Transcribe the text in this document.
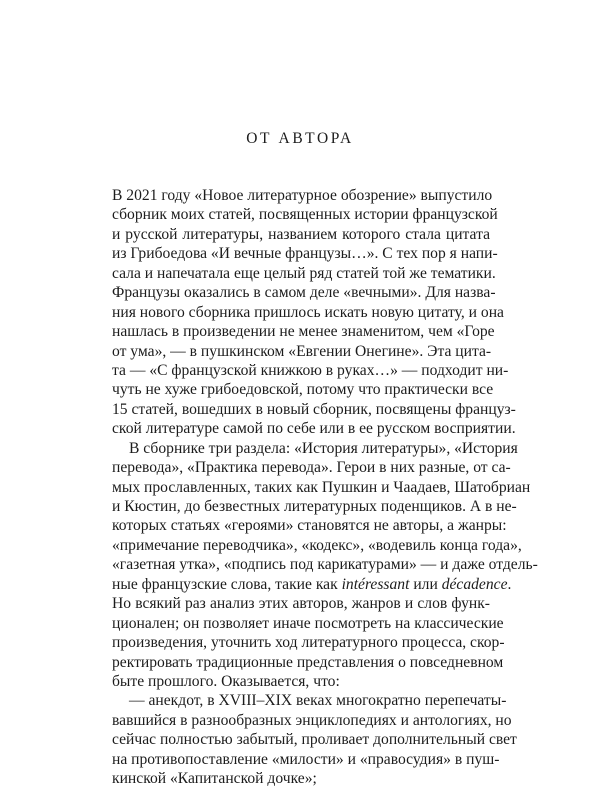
ОТ АВТОРА
В 2021 году «Новое литературное обозрение» выпустило
сборник моих статей, посвященных истории французской
и русской литературы, названием которого стала цитата
из Грибоедова «И вечные французы…». С тех пор я напи-
сала и напечатала еще целый ряд статей той же тематики.
Французы оказались в самом деле «вечными». Для назва-
ния нового сборника пришлось искать новую цитату, и она
нашлась в произведении не менее знаменитом, чем «Горе
от ума», — в пушкинском «Евгении Онегине». Эта цита-
та — «С французской книжкою в руках…» — подходит ни-
чуть не хуже грибоедовской, потому что практически все
15 статей, вошедших в новый сборник, посвящены француз-
ской литературе самой по себе или в ее русском восприятии.
В сборнике три раздела: «История литературы», «История
перевода», «Практика перевода». Герои в них разные, от са-
мых прославленных, таких как Пушкин и Чаадаев, Шатобриан
и Кюстин, до безвестных литературных поденщиков. А в не-
которых статьях «героями» становятся не авторы, а жанры:
«примечание переводчика», «кодекс», «водевиль конца года»,
«газетная утка», «подпись под карикатурами» — и даже отдель-
ные французские слова, такие как intéressant или décadence.
Но всякий раз анализ этих авторов, жанров и слов функ-
ционален; он позволяет иначе посмотреть на классические
произведения, уточнить ход литературного процесса, скор-
ректировать традиционные представления о повседневном
быте прошлого. Оказывается, что:
— анекдот, в XVIII–XIX веках многократно перепечаты-
вавшийся в разнообразных энциклопедиях и антологиях, но
сейчас полностью забытый, проливает дополнительный свет
на противопоставление «милости» и «правосудия» в пуш-
кинской «Капитанской дочке»;
